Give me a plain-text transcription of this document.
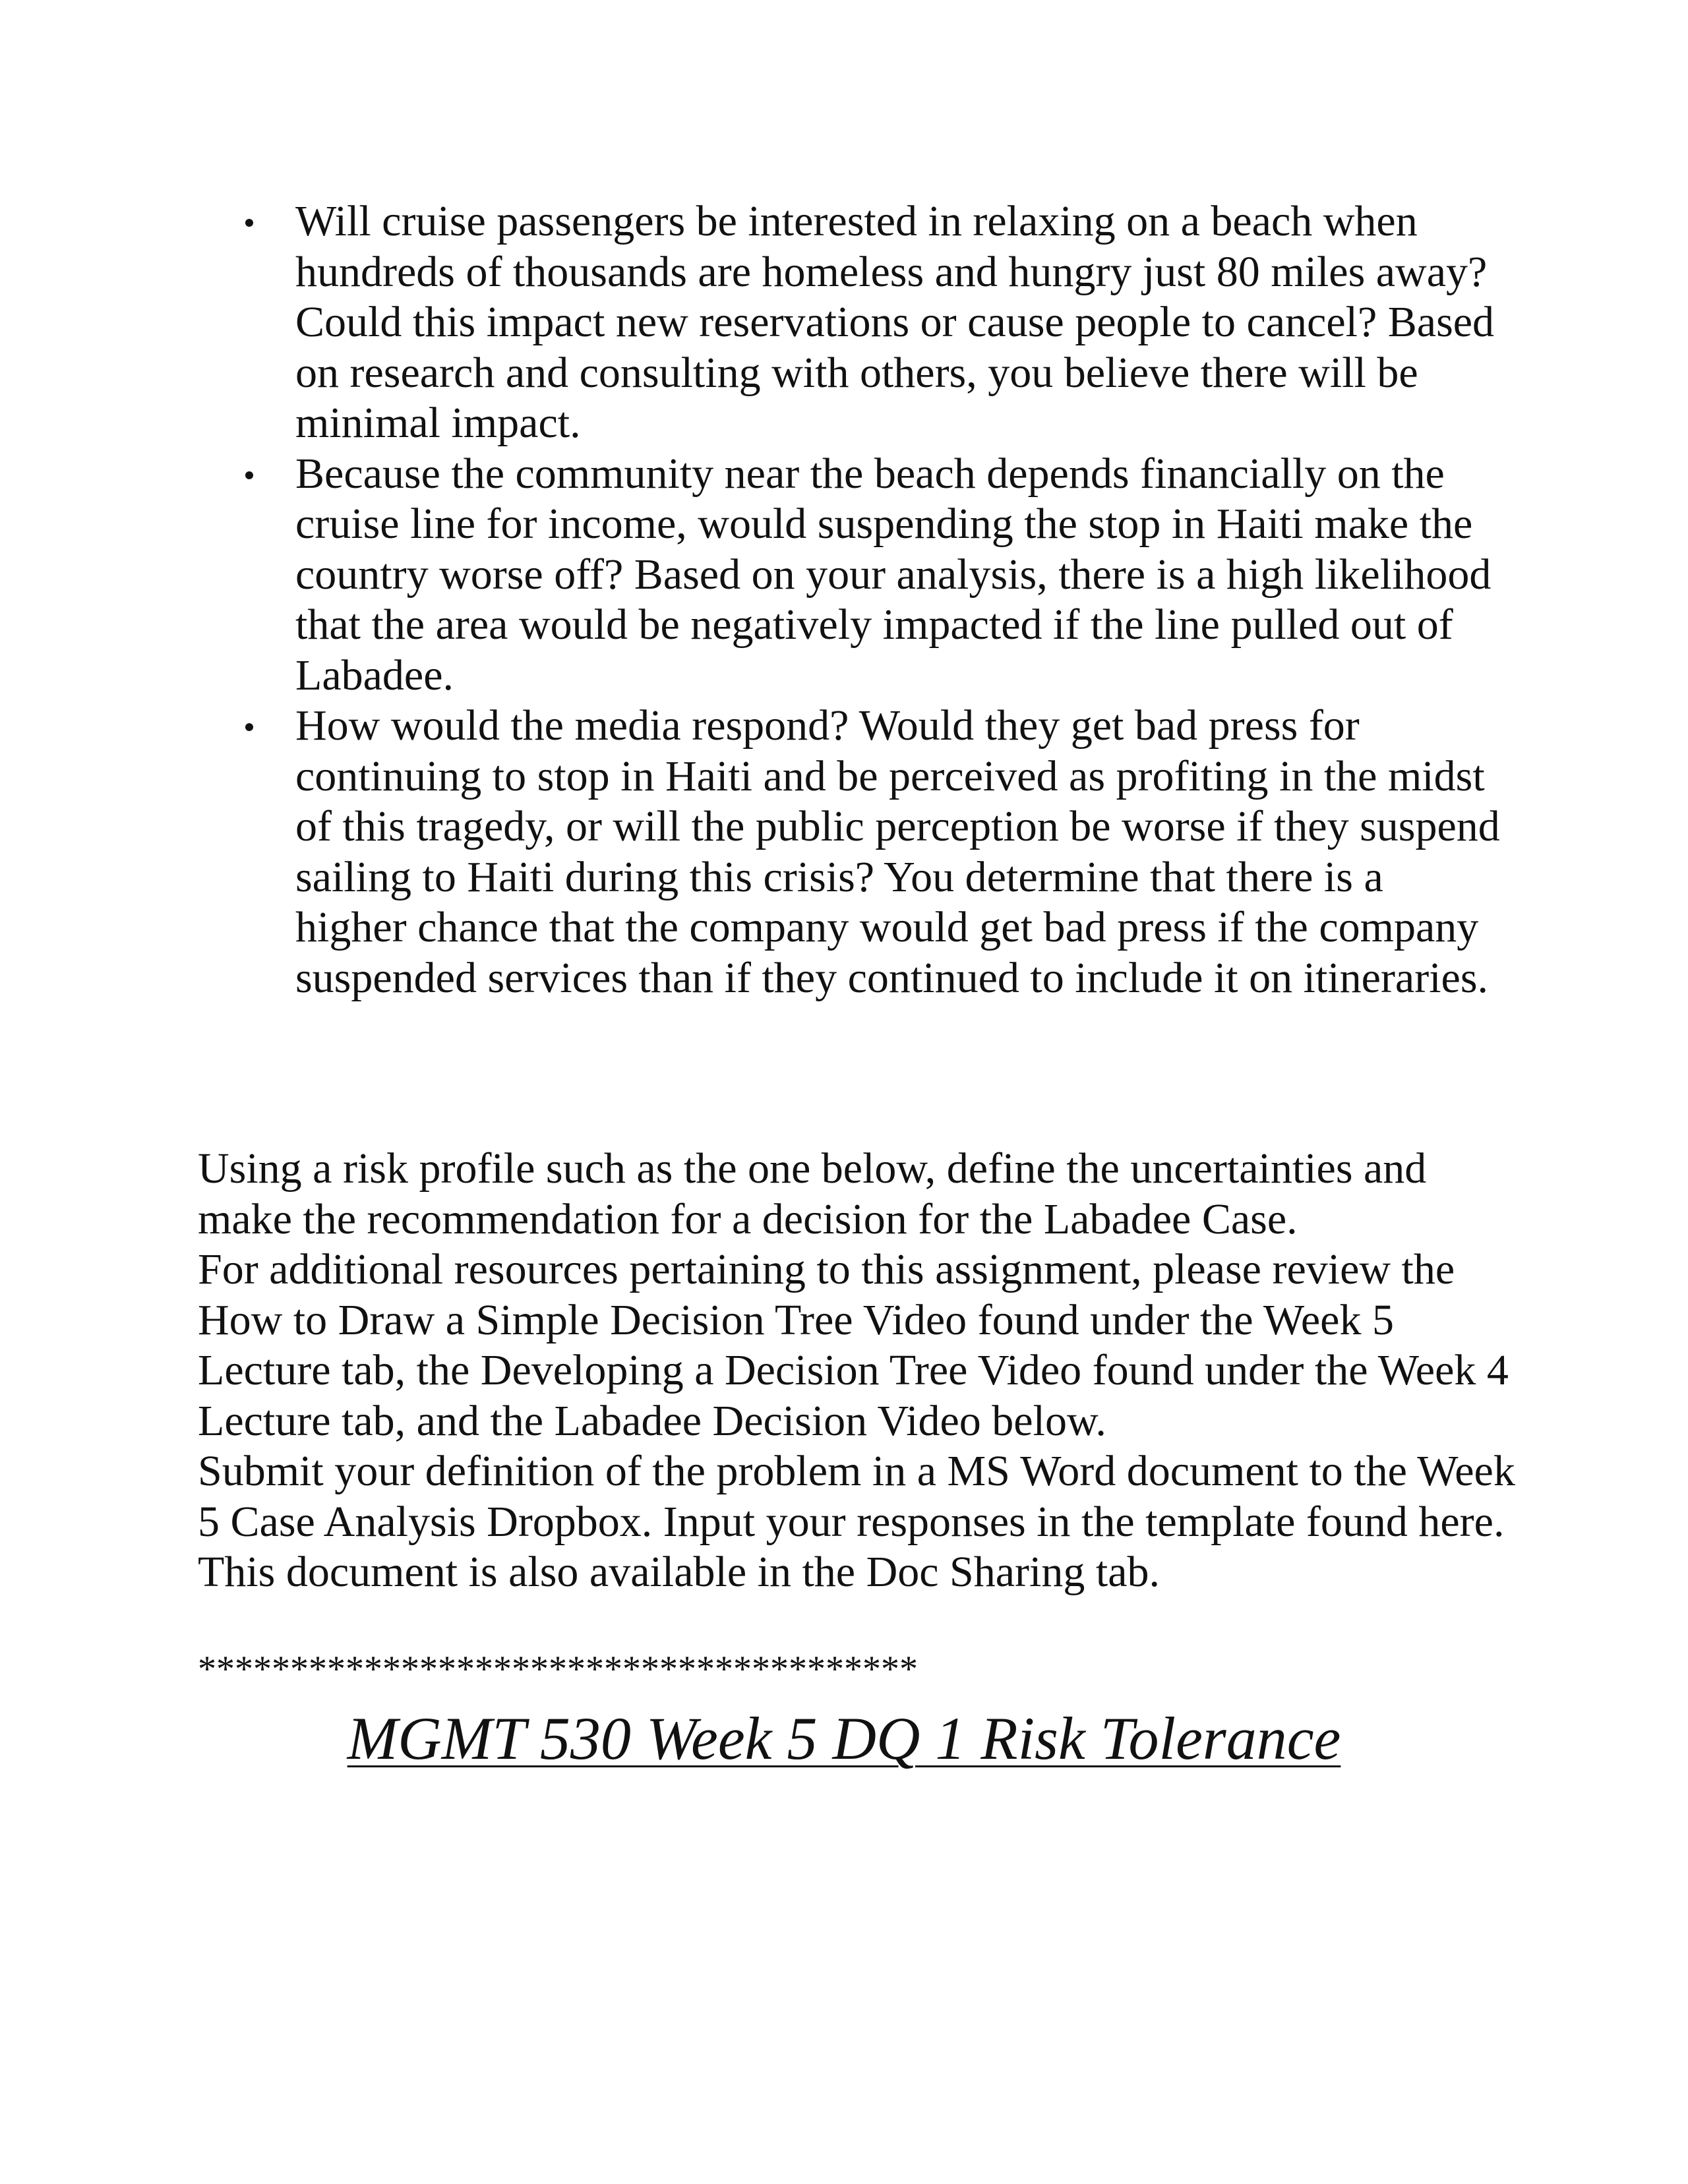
Will cruise passengers be interested in relaxing on a beach when hundreds of thousands are homeless and hungry just 80 miles away? Could this impact new reservations or cause people to cancel? Based on research and consulting with others, you believe there will be minimal impact.
Because the community near the beach depends financially on the cruise line for income, would suspending the stop in Haiti make the country worse off? Based on your analysis, there is a high likelihood that the area would be negatively impacted if the line pulled out of Labadee.
How would the media respond? Would they get bad press for continuing to stop in Haiti and be perceived as profiting in the midst of this tragedy, or will the public perception be worse if they suspend sailing to Haiti during this crisis? You determine that there is a higher chance that the company would get bad press if the company suspended services than if they continued to include it on itineraries.

Using a risk profile such as the one below, define the uncertainties and make the recommendation for a decision for the Labadee Case.

For additional resources pertaining to this assignment, please review the How to Draw a Simple Decision Tree Video found under the Week 5 Lecture tab, the Developing a Decision Tree Video found under the Week 4 Lecture tab, and the Labadee Decision Video below.

Submit your definition of the problem in a MS Word document to the Week 5 Case Analysis Dropbox. Input your responses in the template found here. This document is also available in the Doc Sharing tab.

***************************************
MGMT 530 Week 5 DQ 1 Risk Tolerance
